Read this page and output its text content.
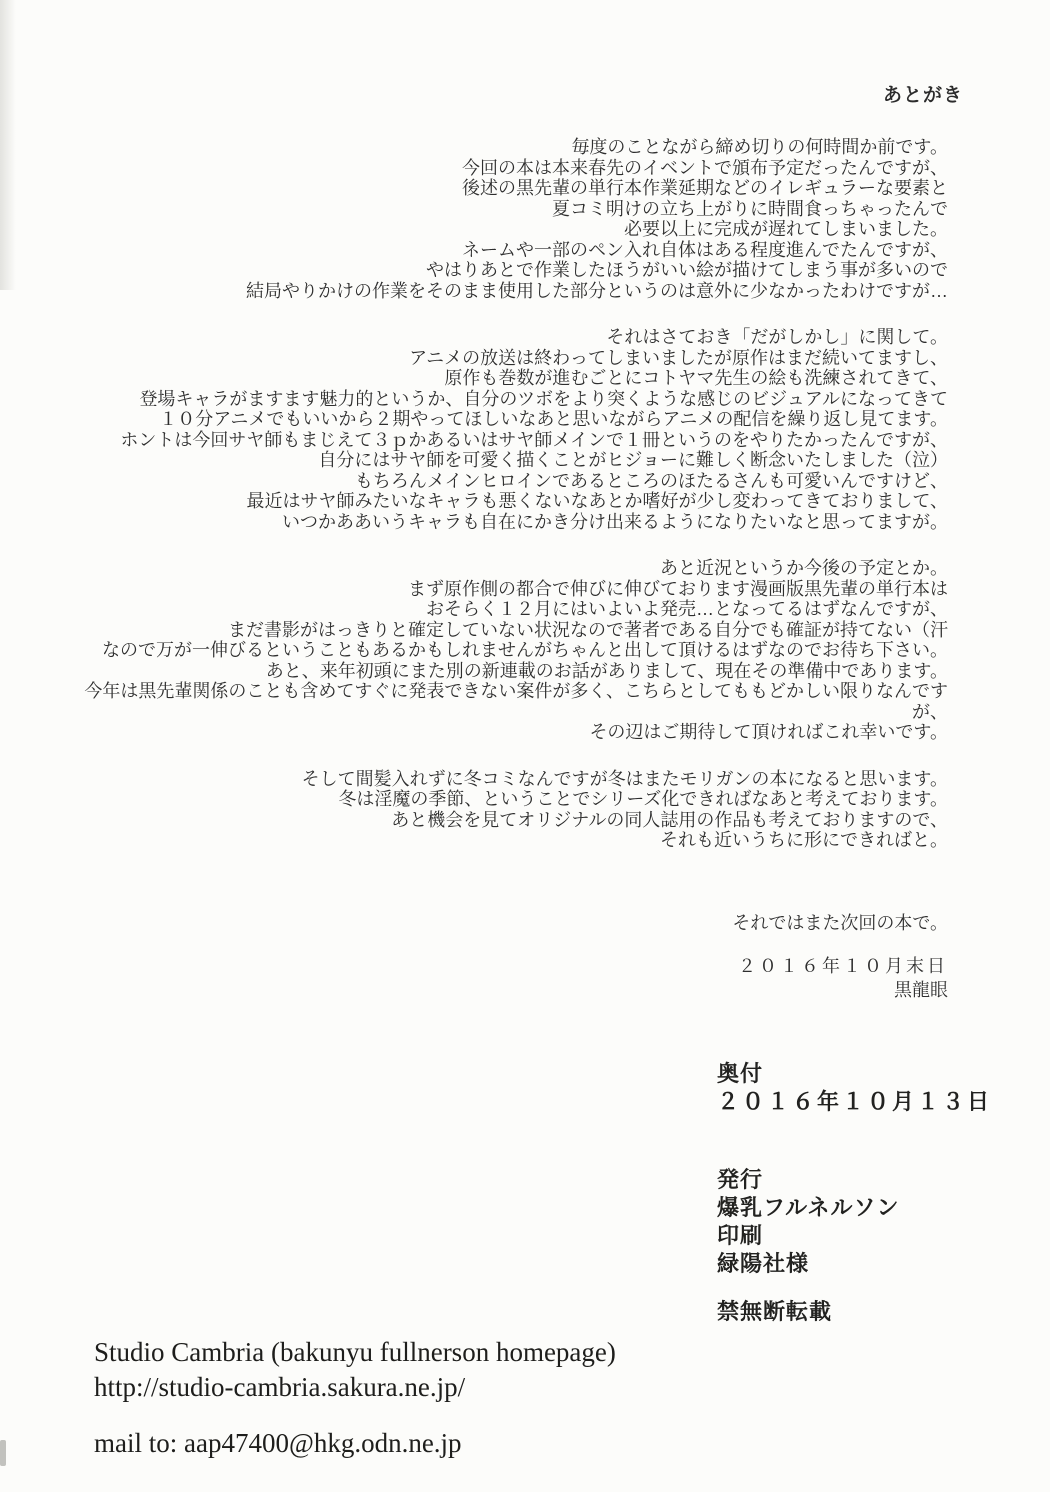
あとがき
毎度のことながら締め切りの何時間か前です。
今回の本は本来春先のイベントで頒布予定だったんですが、
後述の黒先輩の単行本作業延期などのイレギュラーな要素と
夏コミ明けの立ち上がりに時間食っちゃったんで
必要以上に完成が遅れてしまいました。
ネームや一部のペン入れ自体はある程度進んでたんですが、
やはりあとで作業したほうがいい絵が描けてしまう事が多いので
結局やりかけの作業をそのまま使用した部分というのは意外に少なかったわけですが…
それはさておき「だがしかし」に関して。
アニメの放送は終わってしまいましたが原作はまだ続いてますし、
原作も巻数が進むごとにコトヤマ先生の絵も洗練されてきて、
登場キャラがますます魅力的というか、自分のツボをより突くような感じのビジュアルになってきて
１０分アニメでもいいから２期やってほしいなあと思いながらアニメの配信を繰り返し見てます。
ホントは今回サヤ師もまじえて３ｐかあるいはサヤ師メインで１冊というのをやりたかったんですが、
自分にはサヤ師を可愛く描くことがヒジョーに難しく断念いたしました（泣）
もちろんメインヒロインであるところのほたるさんも可愛いんですけど、
最近はサヤ師みたいなキャラも悪くないなあとか嗜好が少し変わってきておりまして、
いつかああいうキャラも自在にかき分け出来るようになりたいなと思ってますが。
あと近況というか今後の予定とか。
まず原作側の都合で伸びに伸びております漫画版黒先輩の単行本は
おそらく１２月にはいよいよ発売…となってるはずなんですが、
まだ書影がはっきりと確定していない状況なので著者である自分でも確証が持てない（汗
なので万が一伸びるということもあるかもしれませんがちゃんと出して頂けるはずなのでお待ち下さい。
あと、来年初頭にまた別の新連載のお話がありまして、現在その準備中であります。
今年は黒先輩関係のことも含めてすぐに発表できない案件が多く、こちらとしてももどかしい限りなんですが、
その辺はご期待して頂ければこれ幸いです。
そして間髪入れずに冬コミなんですが冬はまたモリガンの本になると思います。
冬は淫魔の季節、ということでシリーズ化できればなあと考えております。
あと機会を見てオリジナルの同人誌用の作品も考えておりますので、
それも近いうちに形にできればと。
それではまた次回の本で。
２０１６年１０月末日
黒龍眼
奥付
２０１６年１０月１３日
発行
爆乳フルネルソン
印刷
緑陽社様
禁無断転載
Studio Cambria (bakunyu fullnerson homepage)
http://studio-cambria.sakura.ne.jp/
mail to: aap47400@hkg.odn.ne.jp
